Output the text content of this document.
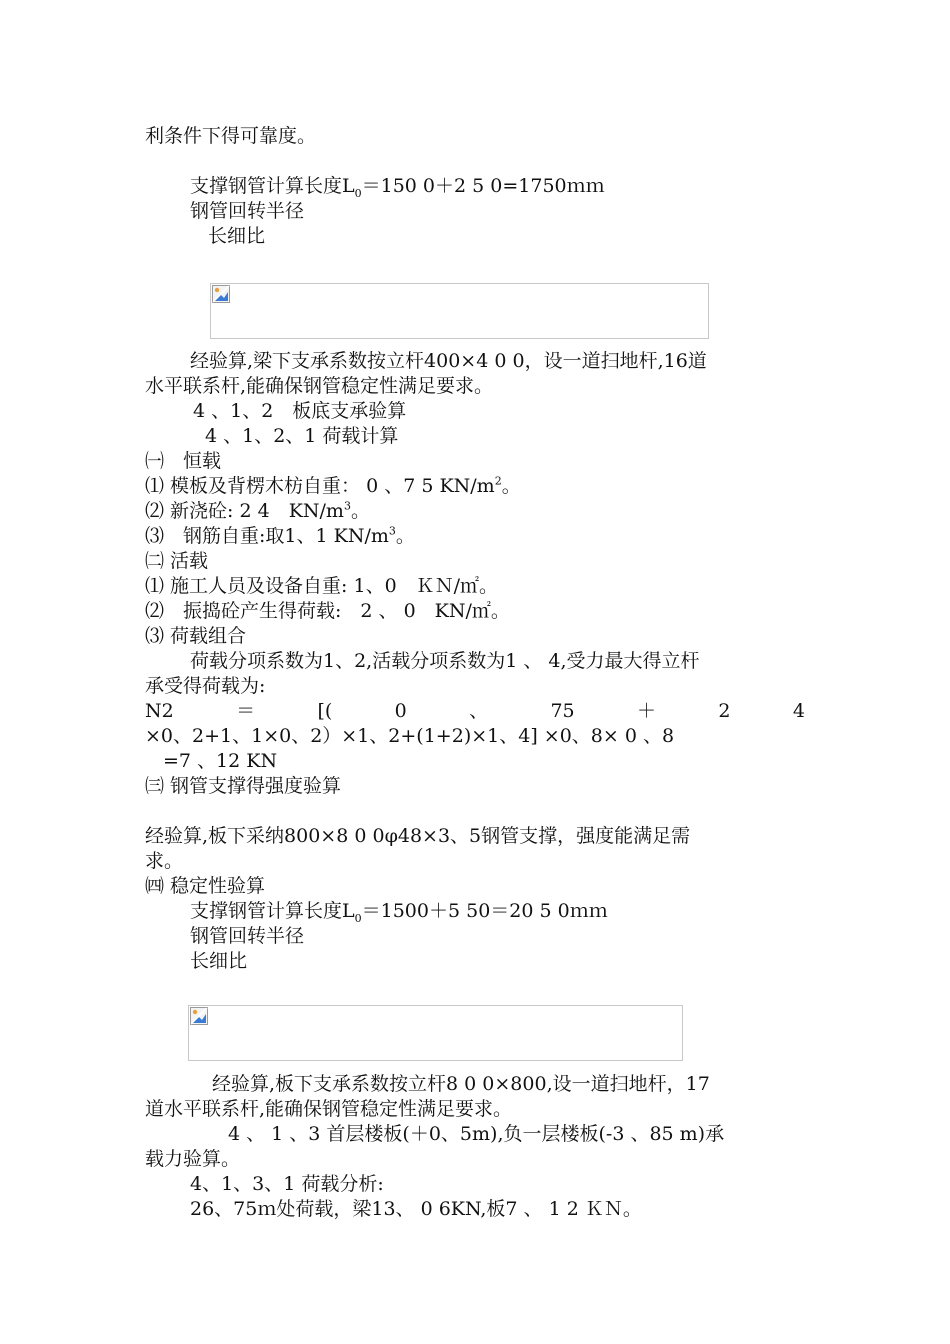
利条件下得可靠度。
支撑钢管计算长度$L_0=150$ 0＋2 5 0=1750ｍｍ
钢管回转半径
长细比
经验算,梁下支承系数按立杆400×4 0 0，设一道扫地杆,16道
水平联系杆,能确保钢管稳定性满足要求。
4 、1、2　板底支承验算
4 、1、2、1 荷载计算
㈠　恒载
⑴ 模板及背楞木枋自重： 0 、7 5 $KN/m^2$。
⑵ 新浇砼: 2 4　$KN/m^3$。
⑶　钢筋自重:取1、1 $KN/m^3$。
㈡ 活载
⑴ 施工人员及设备自重: 1、0　ＫＮ/㎡。
⑵　振捣砼产生得荷载:　2 、 0　KN/㎡。
⑶ 荷载组合
荷载分项系数为1、2,活载分项系数为1 、 4,受力最大得立杆
承受得荷载为:
N2	＝	[(	0	、	75	＋	2	4
×0、2+1、1×0、2）×1、2+(1+2)×1、4] ×0、8× 0 、8
=7 、12 KN
㈢ 钢管支撑得强度验算
经验算,板下采纳800×8 0 0φ48×3、5钢管支撑，强度能满足需
求。
㈣ 稳定性验算
支撑钢管计算长度$L_0=1500+5$ 50＝20 5 0ｍｍ
钢管回转半径
长细比
经验算,板下支承系数按立杆8 0 0×800,设一道扫地杆，17
道水平联系杆,能确保钢管稳定性满足要求。
4 、 1 、3 首层楼板(＋0、5m),负一层楼板(-3 、85 m)承
载力验算。
4、1、3、1 荷载分析:
26、75ｍ处荷载，梁13、 0 6KN,板7 、 1 2 ＫＮ。
